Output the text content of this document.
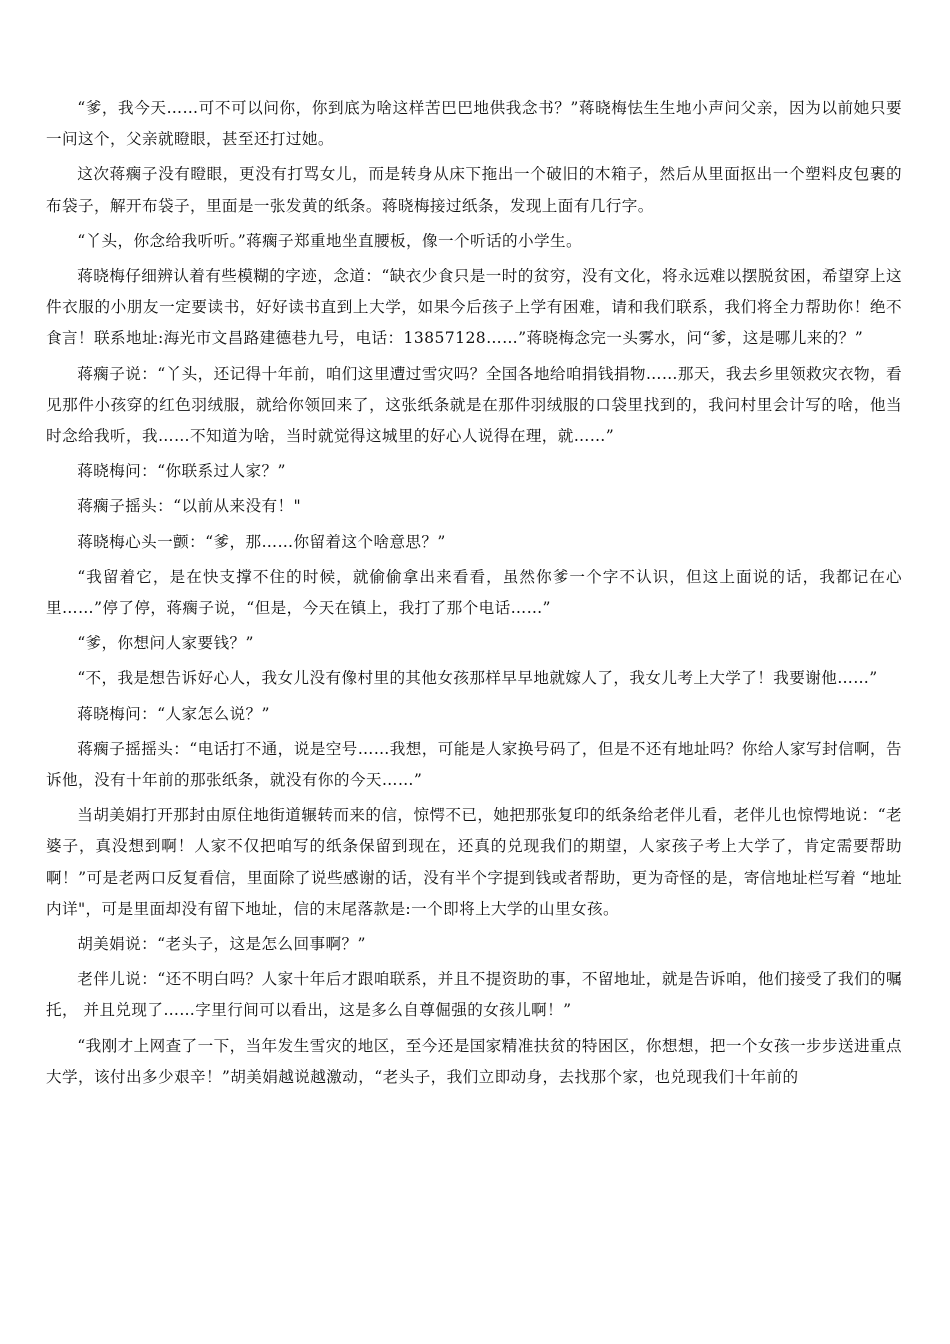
“爹，我今天……可不可以问你，你到底为啥这样苦巴巴地供我念书？”蒋晓梅怯生生地小声问父亲，因为以前她只要一问这个，父亲就瞪眼，甚至还打过她。

这次蒋瘸子没有瞪眼，更没有打骂女儿，而是转身从床下拖出一个破旧的木箱子，然后从里面抠出一个塑料皮包裹的布袋子，解开布袋子，里面是一张发黄的纸条。蒋晓梅接过纸条，发现上面有几行字。

“丫头，你念给我听听。”蒋瘸子郑重地坐直腰板，像一个听话的小学生。

蒋晓梅仔细辨认着有些模糊的字迹，念道：“缺衣少食只是一时的贫穷，没有文化，将永远难以摆脱贫困，希望穿上这件衣服的小朋友一定要读书，好好读书直到上大学，如果今后孩子上学有困难，请和我们联系，我们将全力帮助你！绝不食言！联系地址:海光市文昌路建德巷九号，电话：13857128……”蒋晓梅念完一头雾水，问“爹，这是哪儿来的？”

蒋瘸子说：“丫头，还记得十年前，咱们这里遭过雪灾吗？全国各地给咱捐钱捐物……那天，我去乡里领救灾衣物，看见那件小孩穿的红色羽绒服，就给你领回来了，这张纸条就是在那件羽绒服的口袋里找到的，我问村里会计写的啥，他当时念给我听，我……不知道为啥，当时就觉得这城里的好心人说得在理，就……”

蒋晓梅问：“你联系过人家？”

蒋瘸子摇头：“以前从来没有！"

蒋晓梅心头一颤：“爹，那……你留着这个啥意思？”

“我留着它，是在快支撑不住的时候，就偷偷拿出来看看，虽然你爹一个字不认识，但这上面说的话，我都记在心里……”停了停，蒋瘸子说，“但是，今天在镇上，我打了那个电话……”

“爹，你想问人家要钱？”

“不，我是想告诉好心人，我女儿没有像村里的其他女孩那样早早地就嫁人了，我女儿考上大学了！我要谢他……”

蒋晓梅问：“人家怎么说？”

蒋瘸子摇摇头：“电话打不通，说是空号……我想，可能是人家换号码了，但是不还有地址吗？你给人家写封信啊，告诉他，没有十年前的那张纸条，就没有你的今天……”

当胡美娟打开那封由原住地街道辗转而来的信，惊愕不已，她把那张复印的纸条给老伴儿看，老伴儿也惊愕地说：“老婆子，真没想到啊！人家不仅把咱写的纸条保留到现在，还真的兑现我们的期望，人家孩子考上大学了，肯定需要帮助啊！”可是老两口反复看信，里面除了说些感谢的话，没有半个字提到钱或者帮助，更为奇怪的是，寄信地址栏写着 “地址内详"，可是里面却没有留下地址，信的末尾落款是:一个即将上大学的山里女孩。

胡美娟说：“老头子，这是怎么回事啊？”

老伴儿说：“还不明白吗？人家十年后才跟咱联系，并且不提资助的事，不留地址，就是告诉咱，他们接受了我们的嘱托， 并且兑现了……字里行间可以看出，这是多么自尊倔强的女孩儿啊！”

“我刚才上网查了一下，当年发生雪灾的地区，至今还是国家精准扶贫的特困区，你想想，把一个女孩一步步送进重点大学，该付出多少艰辛！”胡美娟越说越激动，“老头子，我们立即动身，去找那个家，也兑现我们十年前的
